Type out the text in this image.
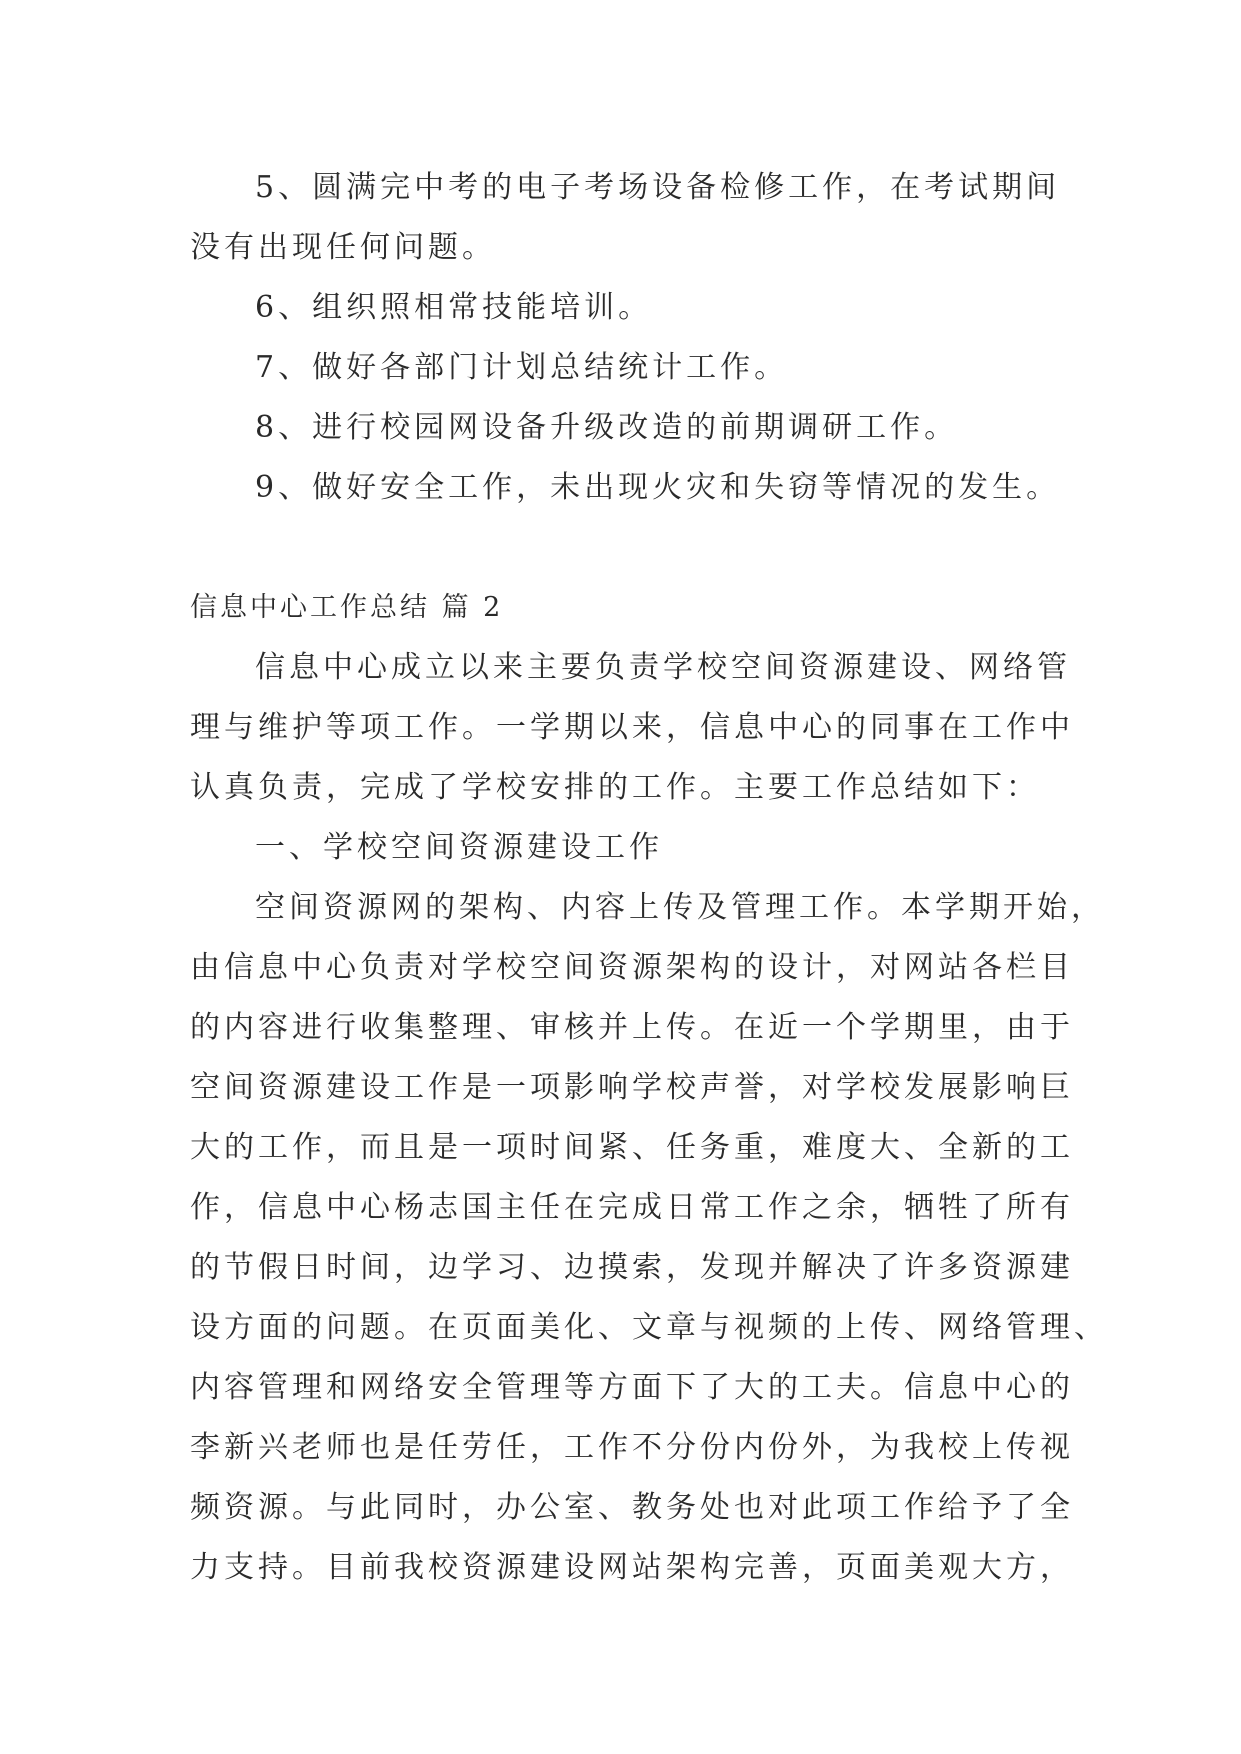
5、圆满完中考的电子考场设备检修工作，在考试期间
没有出现任何问题。
6、组织照相常技能培训。
7、做好各部门计划总结统计工作。
8、进行校园网设备升级改造的前期调研工作。
9、做好安全工作，未出现火灾和失窃等情况的发生。
信息中心工作总结 篇 2
信息中心成立以来主要负责学校空间资源建设、网络管
理与维护等项工作。一学期以来，信息中心的同事在工作中
认真负责，完成了学校安排的工作。主要工作总结如下：
一、学校空间资源建设工作
空间资源网的架构、内容上传及管理工作。本学期开始，
由信息中心负责对学校空间资源架构的设计，对网站各栏目
的内容进行收集整理、审核并上传。在近一个学期里，由于
空间资源建设工作是一项影响学校声誉，对学校发展影响巨
大的工作，而且是一项时间紧、任务重，难度大、全新的工
作，信息中心杨志国主任在完成日常工作之余，牺牲了所有
的节假日时间，边学习、边摸索，发现并解决了许多资源建
设方面的问题。在页面美化、文章与视频的上传、网络管理、
内容管理和网络安全管理等方面下了大的工夫。信息中心的
李新兴老师也是任劳任，工作不分份内份外，为我校上传视
频资源。与此同时，办公室、教务处也对此项工作给予了全
力支持。目前我校资源建设网站架构完善，页面美观大方，
